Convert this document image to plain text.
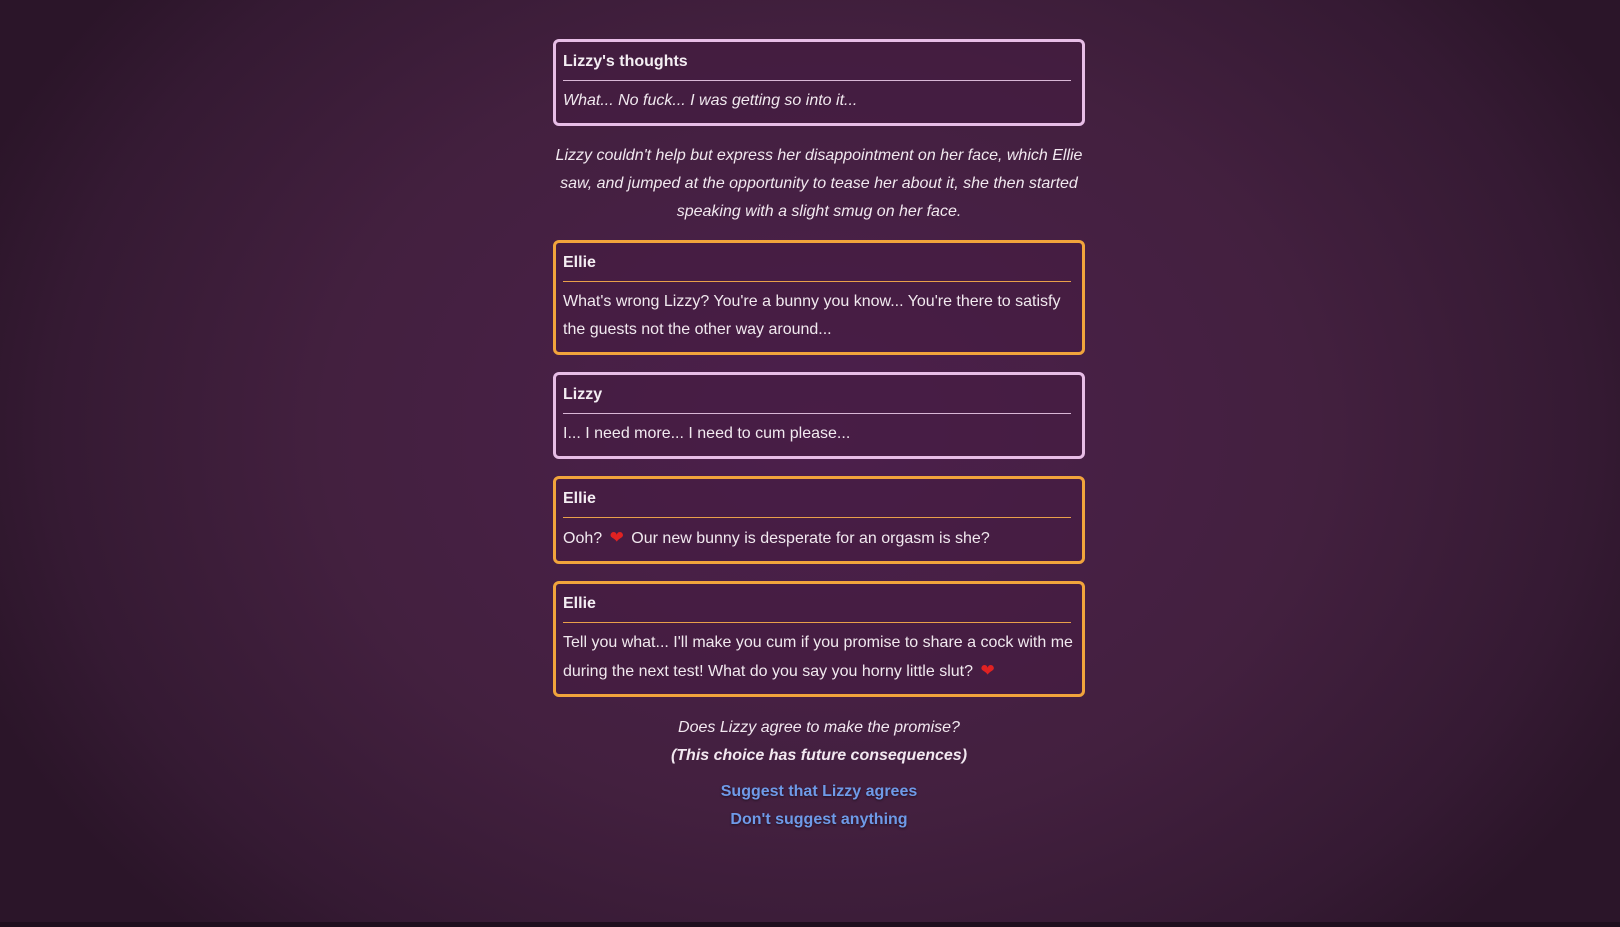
Lizzy's thoughts
What... No fuck... I was getting so into it...
Lizzy couldn't help but express her disappointment on her face, which Ellie saw, and jumped at the opportunity to tease her about it, she then started speaking with a slight smug on her face.
Ellie
What's wrong Lizzy? You're a bunny you know... You're there to satisfy the guests not the other way around...
Lizzy
I... I need more... I need to cum please...
Ellie
Ooh? ❤ Our new bunny is desperate for an orgasm is she?
Ellie
Tell you what... I'll make you cum if you promise to share a cock with me during the next test! What do you say you horny little slut? ❤
Does Lizzy agree to make the promise?
(This choice has future consequences)
Suggest that Lizzy agrees
Don't suggest anything
